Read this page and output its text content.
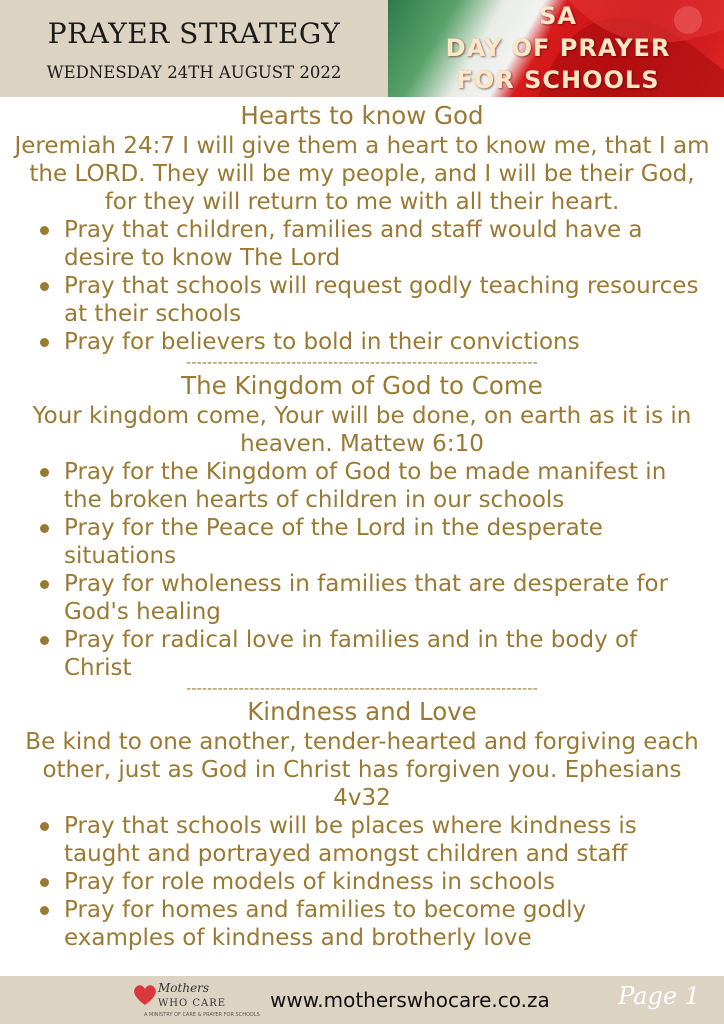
PRAYER STRATEGY
WEDNESDAY 24TH AUGUST 2022
SA
DAY OF PRAYER
FOR SCHOOLS
Hearts to know God
Jeremiah 24:7 I will give them a heart to know me, that I am the LORD. They will be my people, and I will be their God, for they will return to me with all their heart.
Pray that children, families and staff would have a desire to know The Lord
Pray that schools will request godly teaching resources at their schools
Pray for believers to bold in their convictions
-------------------------------------------------------------------
The Kingdom of God to Come
Your kingdom come, Your will be done, on earth as it is in heaven. Mattew 6:10
Pray for the Kingdom of God to be made manifest in the broken hearts of children in our schools
Pray for the Peace of the Lord in the desperate situations
Pray for wholeness in families that are desperate for God's healing
Pray for radical love in families and in the body of Christ
-------------------------------------------------------------------
Kindness and Love
Be kind to one another, tender-hearted and forgiving each other, just as God in Christ has forgiven you. Ephesians 4v32
Pray that schools will be places where kindness is taught and portrayed amongst children and staff
Pray for role models of kindness in schools
Pray for homes and families to become godly examples of kindness and brotherly love
Mothers
WHO CARE
A MINISTRY OF CARE & PRAYER FOR SCHOOLS
www.motherswhocare.co.za	Page 1
